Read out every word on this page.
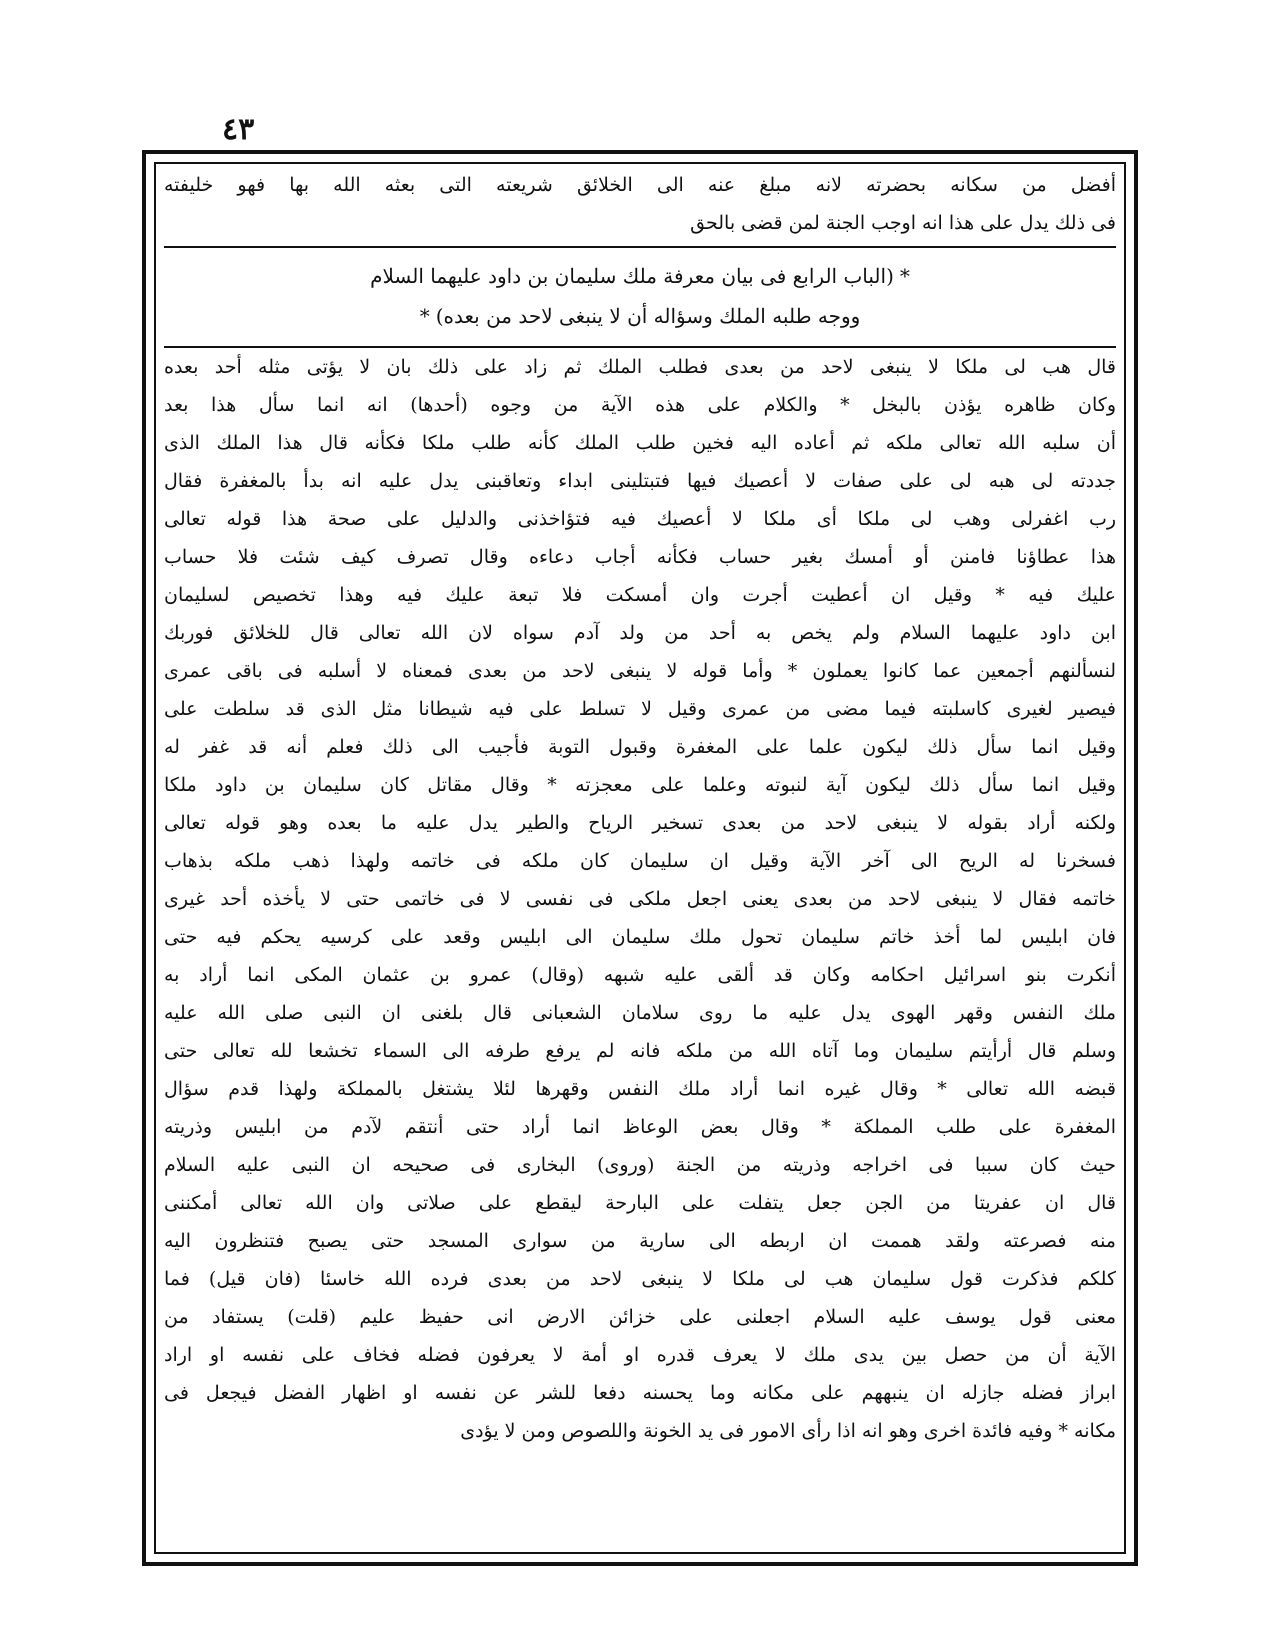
٤٣
أفضل من سكانه بحضرته لانه مبلغ عنه الى الخلائق شريعته التى بعثه الله بها فهو خليفته
فى ذلك يدل على هذا انه اوجب الجنة لمن قضى بالحق
*(الباب الرابع فى بيان معرفة ملك سليمان بن داود عليهما السلام
ووجه طلبه الملك وسؤاله أن لا ينبغى لاحد من بعده)*
قال هب لى ملكا لا ينبغى لاحد من بعدى فطلب الملك ثم زاد على ذلك بان لا يؤتى مثله أحد بعده
وكان ظاهره يؤذن بالبخل * والكلام على هذه الآية من وجوه (أحدها) انه انما سأل هذا بعد
أن سلبه الله تعالى ملكه ثم أعاده اليه فخين طلب الملك كأنه طلب ملكا فكأنه قال هذا الملك الذى
جددته لى هبه لى على صفات لا أعصيك فيها فتبتلينى ابداء وتعاقبنى يدل عليه انه بدأ بالمغفرة فقال
رب اغفرلى وهب لى ملكا أى ملكا لا أعصيك فيه فتؤاخذنى والدليل على صحة هذا قوله تعالى
هذا عطاؤنا فامنن أو أمسك بغير حساب فكأنه أجاب دعاءه وقال تصرف كيف شئت فلا حساب
عليك فيه * وقيل ان أعطيت أجرت وان أمسكت فلا تبعة عليك فيه وهذا تخصيص لسليمان
ابن داود عليهما السلام ولم يخص به أحد من ولد آدم سواه لان الله تعالى قال للخلائق فوربك
لنسألنهم أجمعين عما كانوا يعملون * وأما قوله لا ينبغى لاحد من بعدى فمعناه لا أسلبه فى باقى عمرى
فيصير لغيرى كاسلبته فيما مضى من عمرى وقيل لا تسلط على فيه شيطانا مثل الذى قد سلطت على
وقيل انما سأل ذلك ليكون علما على المغفرة وقبول التوبة فأجيب الى ذلك فعلم أنه قد غفر له
وقيل انما سأل ذلك ليكون آية لنبوته وعلما على معجزته * وقال مقاتل كان سليمان بن داود ملكا
ولكنه أراد بقوله لا ينبغى لاحد من بعدى تسخير الرياح والطير يدل عليه ما بعده وهو قوله تعالى
فسخرنا له الريح الى آخر الآية وقيل ان سليمان كان ملكه فى خاتمه ولهذا ذهب ملكه بذهاب
خاتمه فقال لا ينبغى لاحد من بعدى يعنى اجعل ملكى فى نفسى لا فى خاتمى حتى لا يأخذه أحد غيرى
فان ابليس لما أخذ خاتم سليمان تحول ملك سليمان الى ابليس وقعد على كرسيه يحكم فيه حتى
أنكرت بنو اسرائيل احكامه وكان قد ألقى عليه شبهه (وقال) عمرو بن عثمان المكى انما أراد به
ملك النفس وقهر الهوى يدل عليه ما روى سلامان الشعبانى قال بلغنى ان النبى صلى الله عليه
وسلم قال أرأيتم سليمان وما آتاه الله من ملكه فانه لم يرفع طرفه الى السماء تخشعا لله تعالى حتى
قبضه الله تعالى * وقال غيره انما أراد ملك النفس وقهرها لئلا يشتغل بالمملكة ولهذا قدم سؤال
المغفرة على طلب المملكة * وقال بعض الوعاظ انما أراد حتى أنتقم لآدم من ابليس وذريته
حيث كان سببا فى اخراجه وذريته من الجنة (وروى) البخارى فى صحيحه ان النبى عليه السلام
قال ان عفريتا من الجن جعل يتفلت على البارحة ليقطع على صلاتى وان الله تعالى أمكننى
منه فصرعته ولقد هممت ان اربطه الى سارية من سوارى المسجد حتى يصبح فتنظرون اليه
كلكم فذكرت قول سليمان هب لى ملكا لا ينبغى لاحد من بعدى فرده الله خاسئا (فان قيل) فما
معنى قول يوسف عليه السلام اجعلنى على خزائن الارض انى حفيظ عليم (قلت) يستفاد من
الآية أن من حصل بين يدى ملك لا يعرف قدره او أمة لا يعرفون فضله فخاف على نفسه او اراد
ابراز فضله جازله ان ينبههم على مكانه وما يحسنه دفعا للشر عن نفسه او اظهار الفضل فيجعل فى
مكانه * وفيه فائدة اخرى وهو انه اذا رأى الامور فى يد الخونة واللصوص ومن لا يؤدى
